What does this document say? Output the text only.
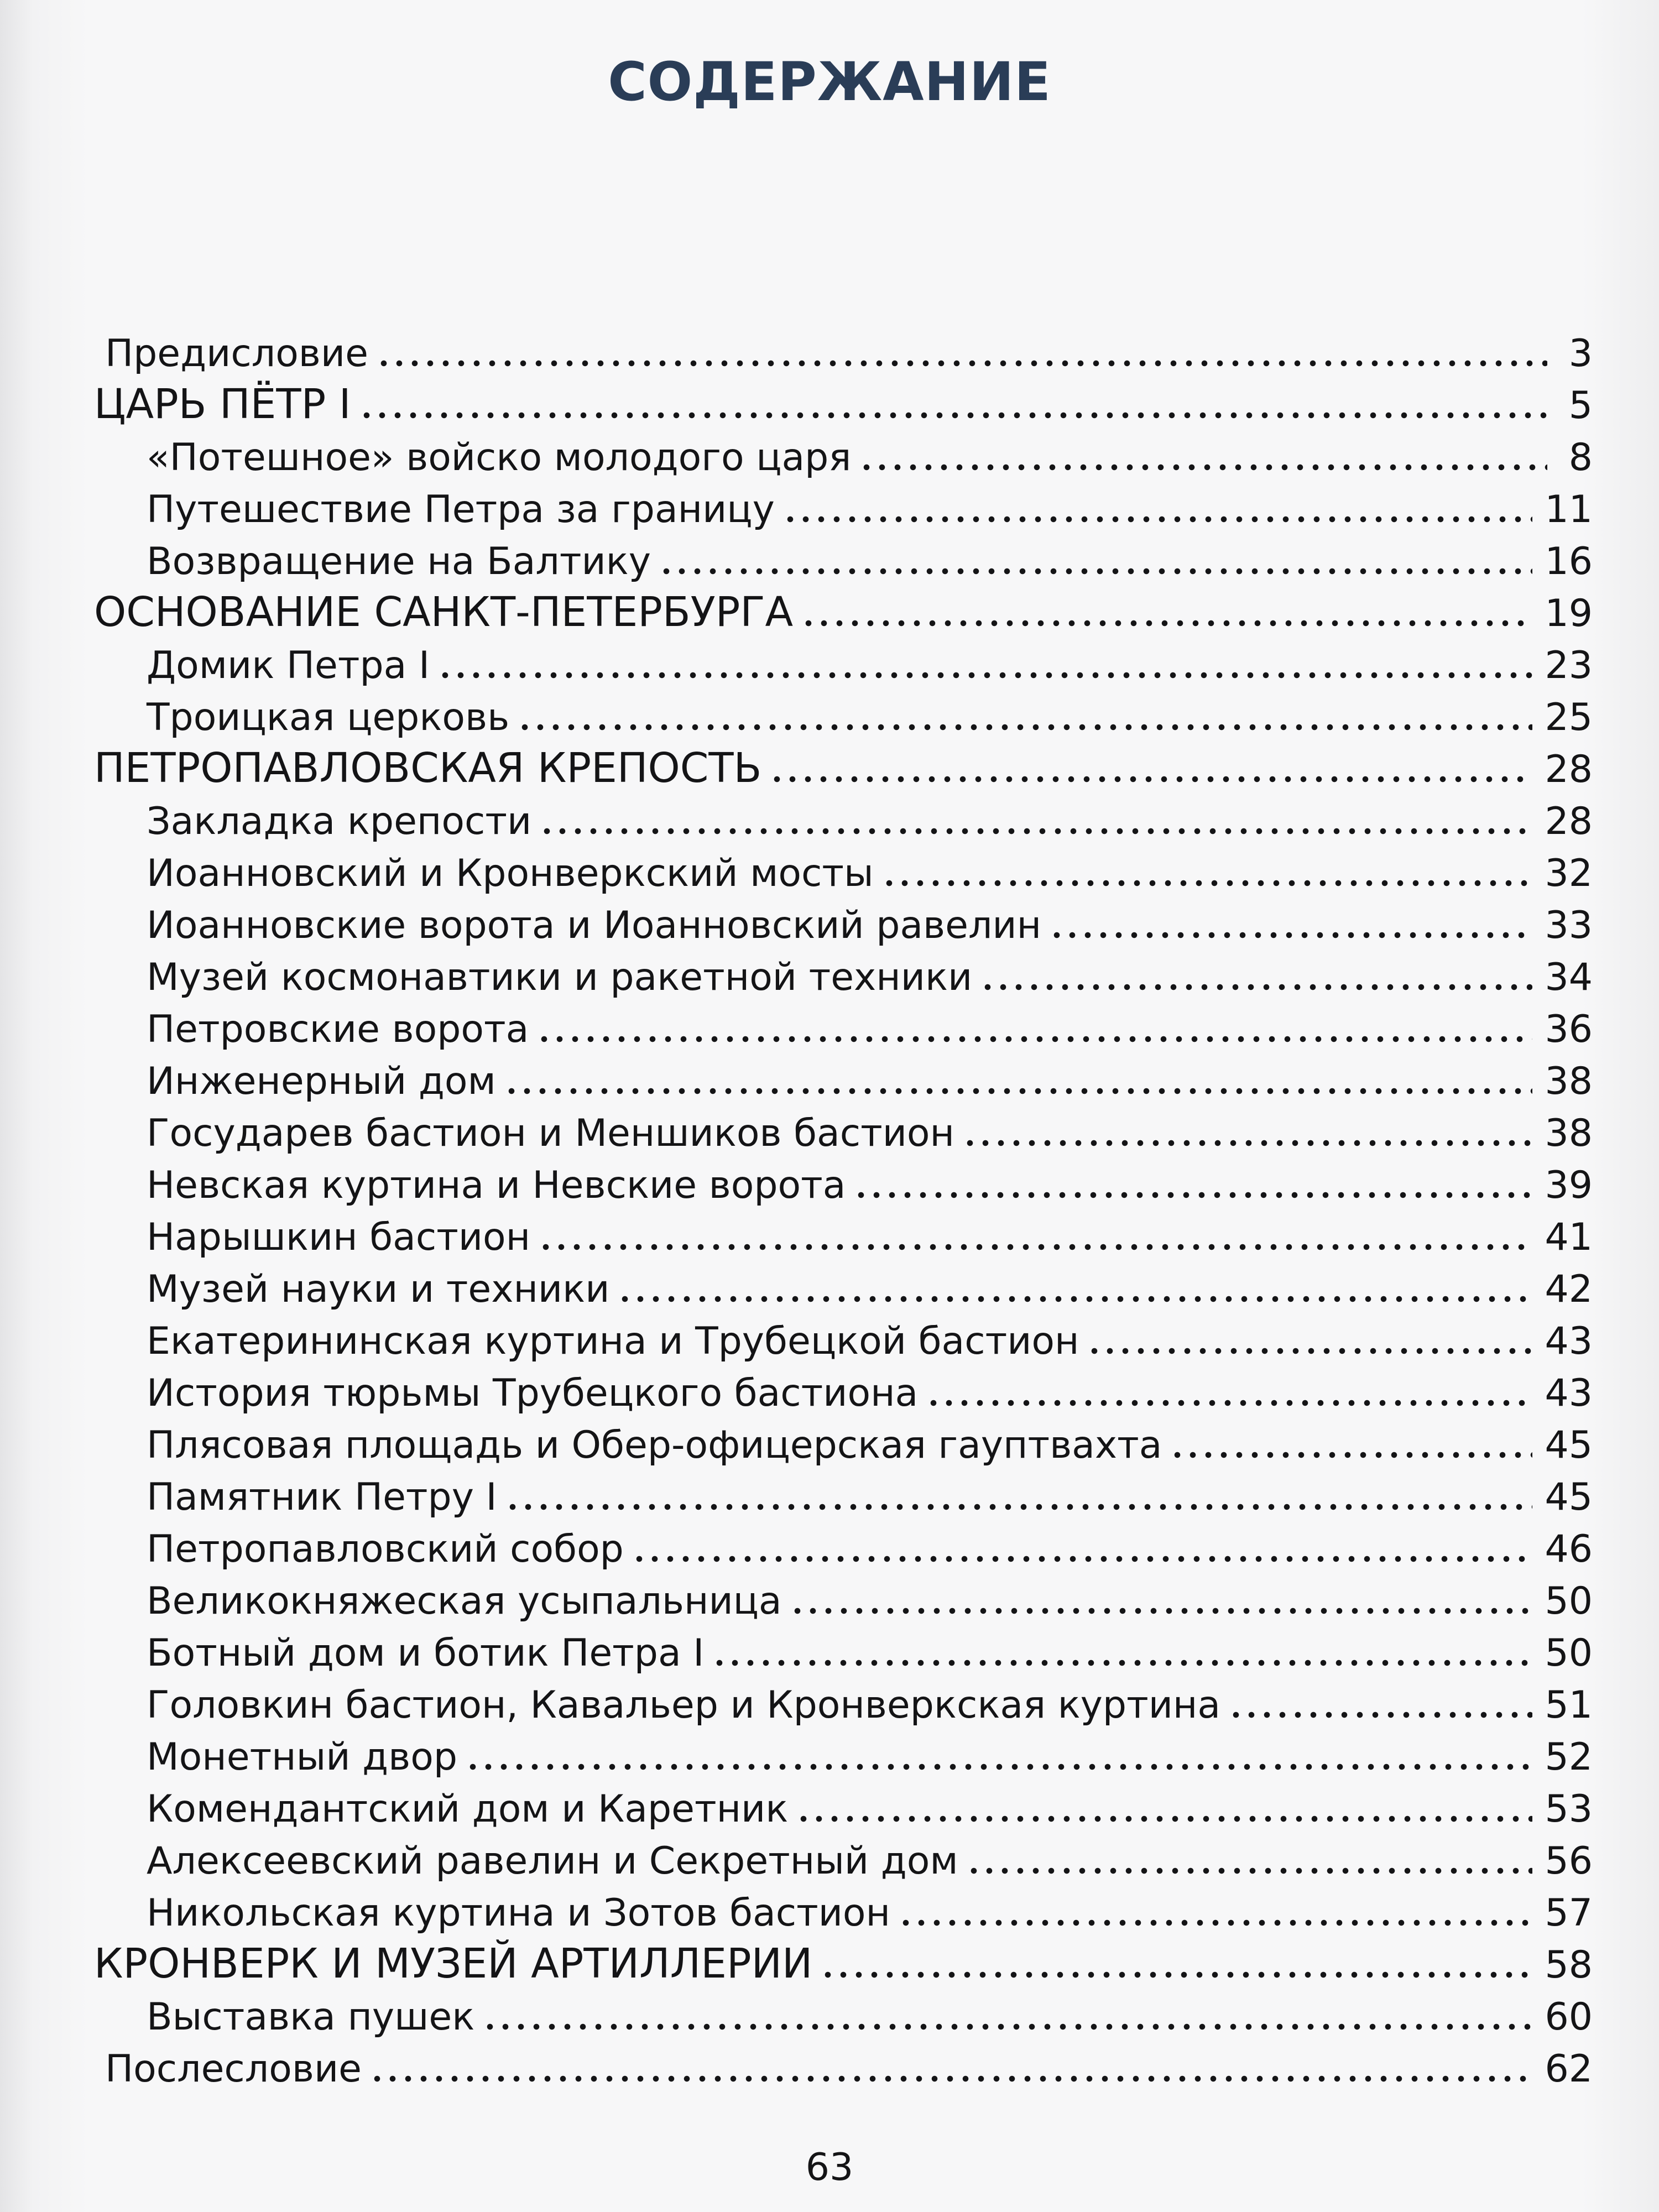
СОДЕРЖАНИЕ
Предисловие	3
ЦАРЬ ПЁТР I	5
«Потешное» войско молодого царя	8
Путешествие Петра за границу	11
Возвращение на Балтику	16
ОСНОВАНИЕ САНКТ-ПЕТЕРБУРГА	19
Домик Петра I	23
Троицкая церковь	25
ПЕТРОПАВЛОВСКАЯ КРЕПОСТЬ	28
Закладка крепости	28
Иоанновский и Кронверкский мосты	32
Иоанновские ворота и Иоанновский равелин	33
Музей космонавтики и ракетной техники	34
Петровские ворота	36
Инженерный дом	38
Государев бастион и Меншиков бастион	38
Невская куртина и Невские ворота	39
Нарышкин бастион	41
Музей науки и техники	42
Екатерининская куртина и Трубецкой бастион	43
История тюрьмы Трубецкого бастиона	43
Плясовая площадь и Обер-офицерская гауптвахта	45
Памятник Петру I	45
Петропавловский собор	46
Великокняжеская усыпальница	50
Ботный дом и ботик Петра I	50
Головкин бастион, Кавальер и Кронверкская куртина	51
Монетный двор	52
Комендантский дом и Каретник	53
Алексеевский равелин и Секретный дом	56
Никольская куртина и Зотов бастион	57
КРОНВЕРК И МУЗЕЙ АРТИЛЛЕРИИ	58
Выставка пушек	60
Послесловие	62
63
